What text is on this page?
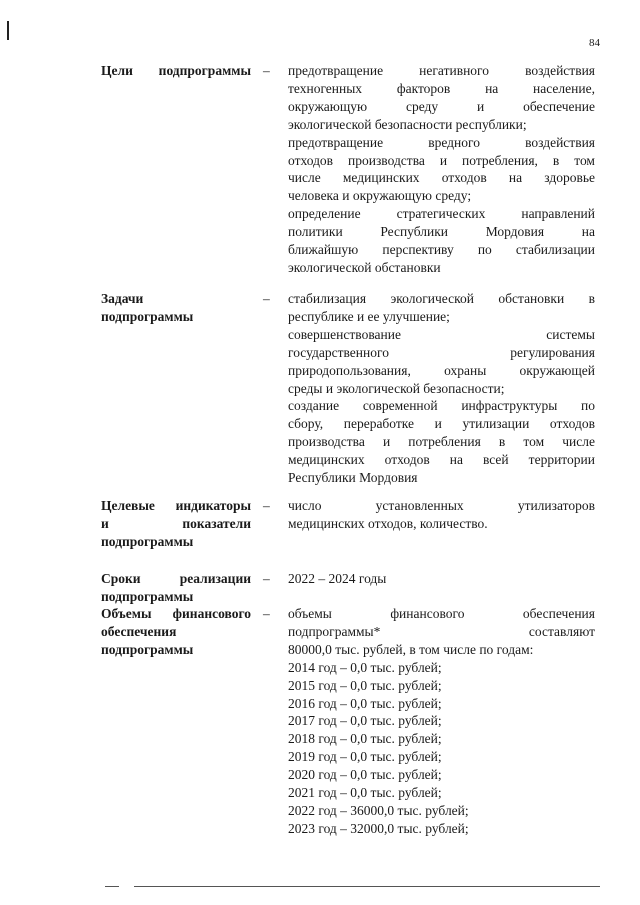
84
Цели подпрограммы – предотвращение	негативного	воздействия
техногенных	факторов	на	население,
окружающую	среду	и	обеспечение
экологической безопасности республики;
предотвращение	вредного	воздействия
отходов производства и потребления, в том
числе медицинских отходов на здоровье
человека и окружающую среду;
определение	стратегических	направлений
политики	Республики	Мордовия	на
ближайшую перспективу по стабилизации
экологической обстановки
Задачи
подпрограммы
– стабилизация экологической обстановки в
республике и ее улучшение;
совершенствование	системы
государственного	регулирования
природопользования, охраны окружающей
среды и экологической безопасности;
создание современной инфраструктуры по
сбору, переработке и утилизации отходов
производства и потребления в том числе
медицинских отходов на всей территории
Республики Мордовия
Целевые индикаторы
и	показатели
подпрограммы
– число	установленных	утилизаторов
медицинских отходов, количество.
Сроки	реализации
подпрограммы
– 2022 – 2024 годы
Объемы финансового
обеспечения
подпрограммы
– объемы	финансового	обеспечения
подпрограммы*	составляют
80000,0 тыс. рублей, в том числе по годам:
2014 год – 0,0 тыс. рублей;
2015 год – 0,0 тыс. рублей;
2016 год – 0,0 тыс. рублей;
2017 год – 0,0 тыс. рублей;
2018 год – 0,0 тыс. рублей;
2019 год – 0,0 тыс. рублей;
2020 год – 0,0 тыс. рублей;
2021 год – 0,0 тыс. рублей;
2022 год – 36000,0 тыс. рублей;
2023 год – 32000,0 тыс. рублей;
